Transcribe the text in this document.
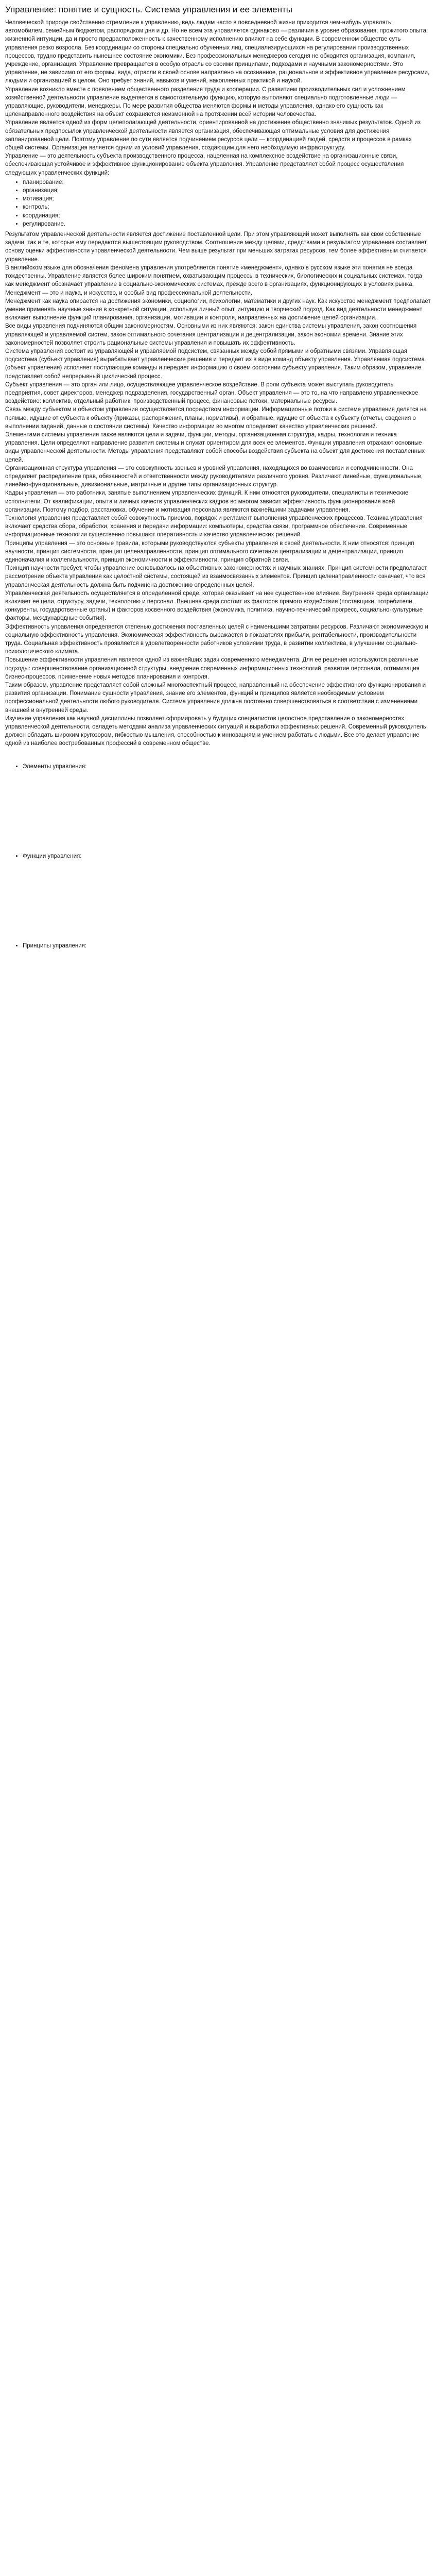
Управление: понятие и сущность. Система управления и ее элементы

Человеческой природе свойственно стремление к управлению, ведь людям часто в повседневной жизни приходится чем-нибудь управлять: автомобилем, семейным бюджетом, распорядком дня и др. Но не всем эта управляется одинаково — различия в уровне образования, прожитого опыта, жизненной интуиции, да и просто предрасположенность к качественному исполнению влияют на себе функции. В современном обществе суть управления резко возросла. Без координации со стороны специально обученных лиц, специализирующихся на регулировании производственных процессов, трудно представить нынешнее состояние экономики. Без профессиональных менеджеров сегодня не обходится организация, компания, учреждение, организация. Управление превращается в особую отрасль со своими принципами, подходами и научными закономерностями. Это управление, не зависимо от его формы, вида, отрасли в своей основе направлено на осознанное, рациональное и эффективное управление ресурсами, людьми и организацией в целом. Оно требует знаний, навыков и умений, накопленных практикой и наукой.

Управление возникло вместе с появлением общественного разделения труда и кооперации. С развитием производительных сил и усложнением хозяйственной деятельности управление выделяется в самостоятельную функцию, которую выполняют специально подготовленные люди — управляющие, руководители, менеджеры. По мере развития общества меняются формы и методы управления, однако его сущность как целенаправленного воздействия на объект сохраняется неизменной на протяжении всей истории человечества.

Управление является одной из форм целеполагающей деятельности, ориентированной на достижение общественно значимых результатов. Одной из обязательных предпосылок управленческой деятельности является организация, обеспечивающая оптимальные условия для достижения запланированной цели. Поэтому управление по сути является подчинением ресурсов цели — координацией людей, средств и процессов в рамках общей системы. Организация является одним из условий управления, создающим для него необходимую инфраструктуру.

Управление — это деятельность субъекта производственного процесса, нацеленная на комплексное воздействие на организационные связи, обеспечивающая устойчивое и эффективное функционирование объекта управления. Управление представляет собой процесс осуществления следующих управленческих функций:

• планирование;
• организация;
• мотивация;
• контроль;
• координация;
• регулирование.

Результатом управленческой деятельности является достижение поставленной цели. При этом управляющий может выполнять как свои собственные задачи, так и те, которые ему передаются вышестоящим руководством. Соотношение между целями, средствами и результатом управления составляет основу оценки эффективности управленческой деятельности. Чем выше результат при меньших затратах ресурсов, тем более эффективным считается управление.

В английском языке для обозначения феномена управления употребляется понятие «менеджмент», однако в русском языке эти понятия не всегда тождественны. Управление является более широким понятием, охватывающим процессы в технических, биологических и социальных системах, тогда как менеджмент обозначает управление в социально-экономических системах, прежде всего в организациях, функционирующих в условиях рынка. Менеджмент — это и наука, и искусство, и особый вид профессиональной деятельности.

Менеджмент как наука опирается на достижения экономики, социологии, психологии, математики и других наук. Как искусство менеджмент предполагает умение применять научные знания в конкретной ситуации, используя личный опыт, интуицию и творческий подход. Как вид деятельности менеджмент включает выполнение функций планирования, организации, мотивации и контроля, направленных на достижение целей организации.

Все виды управления подчиняются общим закономерностям. Основными из них являются: закон единства системы управления, закон соотношения управляющей и управляемой систем, закон оптимального сочетания централизации и децентрализации, закон экономии времени. Знание этих закономерностей позволяет строить рациональные системы управления и повышать их эффективность.

Система управления состоит из управляющей и управляемой подсистем, связанных между собой прямыми и обратными связями. Управляющая подсистема (субъект управления) вырабатывает управленческие решения и передает их в виде команд объекту управления. Управляемая подсистема (объект управления) исполняет поступающие команды и передает информацию о своем состоянии субъекту управления. Таким образом, управление представляет собой непрерывный циклический процесс.

Субъект управления — это орган или лицо, осуществляющее управленческое воздействие. В роли субъекта может выступать руководитель предприятия, совет директоров, менеджер подразделения, государственный орган. Объект управления — это то, на что направлено управленческое воздействие: коллектив, отдельный работник, производственный процесс, финансовые потоки, материальные ресурсы.

Связь между субъектом и объектом управления осуществляется посредством информации. Информационные потоки в системе управления делятся на прямые, идущие от субъекта к объекту (приказы, распоряжения, планы, нормативы), и обратные, идущие от объекта к субъекту (отчеты, сведения о выполнении заданий, данные о состоянии системы). Качество информации во многом определяет качество управленческих решений.

Элементами системы управления также являются цели и задачи, функции, методы, организационная структура, кадры, технология и техника управления. Цели определяют направление развития системы и служат ориентиром для всех ее элементов. Функции управления отражают основные виды управленческой деятельности. Методы управления представляют собой способы воздействия субъекта на объект для достижения поставленных целей.

Организационная структура управления — это совокупность звеньев и уровней управления, находящихся во взаимосвязи и соподчиненности. Она определяет распределение прав, обязанностей и ответственности между руководителями различного уровня. Различают линейные, функциональные, линейно-функциональные, дивизиональные, матричные и другие типы организационных структур.

Кадры управления — это работники, занятые выполнением управленческих функций. К ним относятся руководители, специалисты и технические исполнители. От квалификации, опыта и личных качеств управленческих кадров во многом зависит эффективность функционирования всей организации. Поэтому подбор, расстановка, обучение и мотивация персонала являются важнейшими задачами управления.

Технология управления представляет собой совокупность приемов, порядок и регламент выполнения управленческих процессов. Техника управления включает средства сбора, обработки, хранения и передачи информации: компьютеры, средства связи, программное обеспечение. Современные информационные технологии существенно повышают оперативность и качество управленческих решений.

Принципы управления — это основные правила, которыми руководствуются субъекты управления в своей деятельности. К ним относятся: принцип научности, принцип системности, принцип целенаправленности, принцип оптимального сочетания централизации и децентрализации, принцип единоначалия и коллегиальности, принцип экономичности и эффективности, принцип обратной связи.

Принцип научности требует, чтобы управление основывалось на объективных закономерностях и научных знаниях. Принцип системности предполагает рассмотрение объекта управления как целостной системы, состоящей из взаимосвязанных элементов. Принцип целенаправленности означает, что вся управленческая деятельность должна быть подчинена достижению определенных целей.

Управленческая деятельность осуществляется в определенной среде, которая оказывает на нее существенное влияние. Внутренняя среда организации включает ее цели, структуру, задачи, технологию и персонал. Внешняя среда состоит из факторов прямого воздействия (поставщики, потребители, конкуренты, государственные органы) и факторов косвенного воздействия (экономика, политика, научно-технический прогресс, социально-культурные факторы, международные события).

Эффективность управления определяется степенью достижения поставленных целей с наименьшими затратами ресурсов. Различают экономическую и социальную эффективность управления. Экономическая эффективность выражается в показателях прибыли, рентабельности, производительности труда. Социальная эффективность проявляется в удовлетворенности работников условиями труда, в развитии коллектива, в улучшении социально-психологического климата.

Повышение эффективности управления является одной из важнейших задач современного менеджмента. Для ее решения используются различные подходы: совершенствование организационной структуры, внедрение современных информационных технологий, развитие персонала, оптимизация бизнес-процессов, применение новых методов планирования и контроля.

Таким образом, управление представляет собой сложный многоаспектный процесс, направленный на обеспечение эффективного функционирования и развития организации. Понимание сущности управления, знание его элементов, функций и принципов является необходимым условием профессиональной деятельности любого руководителя. Система управления должна постоянно совершенствоваться в соответствии с изменениями внешней и внутренней среды.

Изучение управления как научной дисциплины позволяет сформировать у будущих специалистов целостное представление о закономерностях управленческой деятельности, овладеть методами анализа управленческих ситуаций и выработки эффективных решений. Современный руководитель должен обладать широким кругозором, гибкостью мышления, способностью к инновациям и умением работать с людьми. Все это делает управление одной из наиболее востребованных профессий в современном обществе.

• Элементы управления:
• Функции управления:
• Принципы управления:
